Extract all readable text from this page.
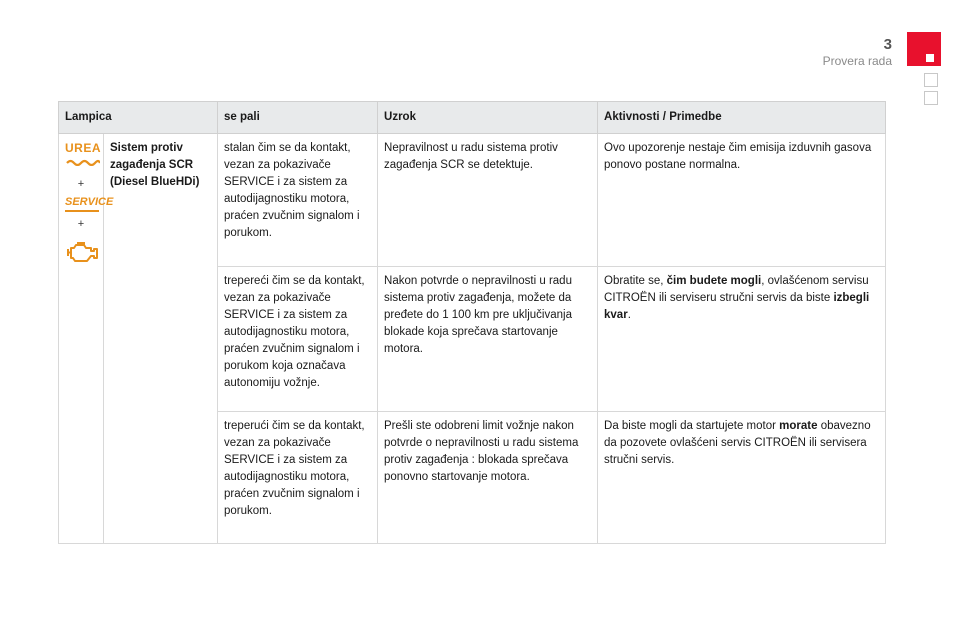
3
Provera rada
Lampica		se pali	Uzrok	Aktivnosti / Primedbe

UREA
+
SERVICE
+	Sistem protiv zagađenja SCR (Diesel BlueHDi)	stalan čim se da kontakt, vezan za pokazivače SERVICE i za sistem za autodijagnostiku motora, praćen zvučnim signalom i porukom.	Nepravilnost u radu sistema protiv zagađenja SCR se detektuje.	Ovo upozorenje nestaje čim emisija izduvnih gasova ponovo postane normalna.
		trepereći čim se da kontakt, vezan za pokazivače SERVICE i za sistem za autodijagnostiku motora, praćen zvučnim signalom i porukom koja označava autonomiju vožnje.	Nakon potvrde o nepravilnosti u radu sistema protiv zagađenja, možete da pređete do 1 100 km pre uključivanja blokade koja sprečava startovanje motora.	Obratite se, čim budete mogli, ovlašćenom servisu CITROËN ili serviseru stručni servis da biste izbegli kvar.
		treperući čim se da kontakt, vezan za pokazivače SERVICE i za sistem za autodijagnostiku motora, praćen zvučnim signalom i porukom.	Prešli ste odobreni limit vožnje nakon potvrde o nepravilnosti u radu sistema protiv zagađenja : blokada sprečava ponovno startovanje motora.	Da biste mogli da startujete motor morate obavezno da pozovete ovlašćeni servis CITROËN ili servisera stručni servis.
